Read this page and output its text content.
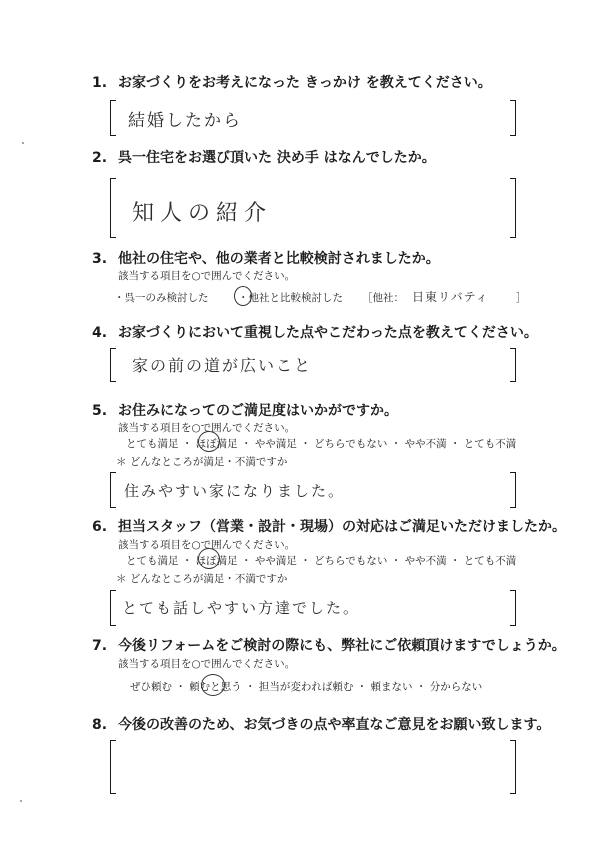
1. お家づくりをお考えになった きっかけ を教えてください。
結婚したから
2. 呉一住宅をお選び頂いた 決め手 はなんでしたか。
知人の紹介
3. 他社の住宅や、他の業者と比較検討されましたか。
該当する項目を○で囲んでください。
・呉一のみ検討した	・他社と比較検討した ［他社： 日東リバティ	］
4. お家づくりにおいて重視した点やこだわった点を教えてください。
家の前の道が広いこと
5. お住みになってのご満足度はいかがですか。
該当する項目を○で囲んでください。
とても満足 ・ ほぼ満足 ・ やや満足 ・ どちらでもない ・ やや不満 ・ とても不満
＊ どんなところが満足・不満ですか
住みやすい家になりました。
6. 担当スタッフ（営業・設計・現場）の対応はご満足いただけましたか。
該当する項目を○で囲んでください。
とても満足 ・ ほぼ満足 ・ やや満足 ・ どちらでもない ・ やや不満 ・ とても不満
＊ どんなところが満足・不満ですか
とても話しやすい方達でした。
7. 今後リフォームをご検討の際にも、弊社にご依頼頂けますでしょうか。
該当する項目を○で囲んでください。
ぜひ頼む ・ 頼むと思う ・ 担当が変われば頼む ・ 頼まない ・ 分からない
8. 今後の改善のため、お気づきの点や率直なご意見をお願い致します。
